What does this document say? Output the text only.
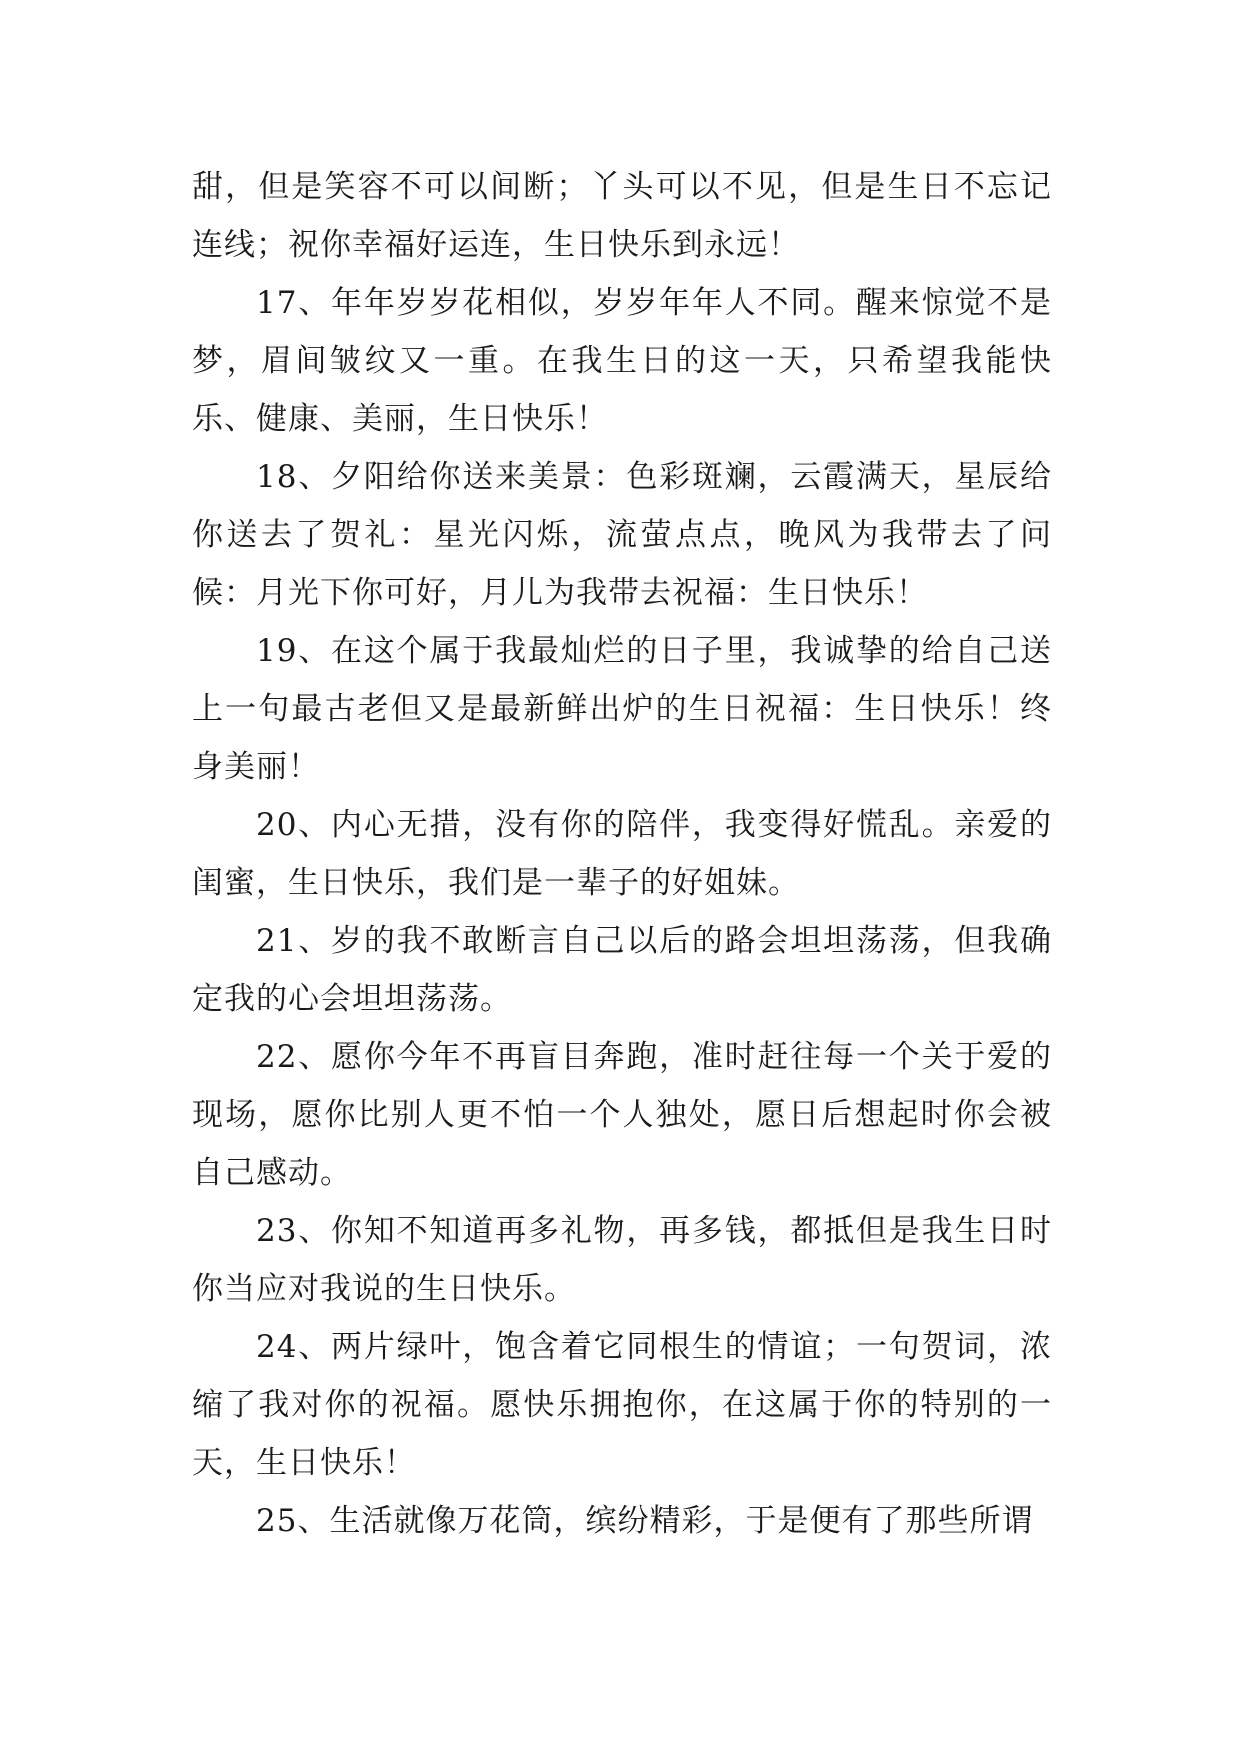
甜，但是笑容不可以间断；丫头可以不见，但是生日不忘记连线；祝你幸福好运连，生日快乐到永远！

17、年年岁岁花相似，岁岁年年人不同。醒来惊觉不是梦，眉间皱纹又一重。在我生日的这一天，只希望我能快乐、健康、美丽，生日快乐！

18、夕阳给你送来美景：色彩斑斓，云霞满天，星辰给你送去了贺礼：星光闪烁，流萤点点，晚风为我带去了问候：月光下你可好，月儿为我带去祝福：生日快乐！

19、在这个属于我最灿烂的日子里，我诚挚的给自己送上一句最古老但又是最新鲜出炉的生日祝福：生日快乐！终身美丽！

20、内心无措，没有你的陪伴，我变得好慌乱。亲爱的闺蜜，生日快乐，我们是一辈子的好姐妹。

21、岁的我不敢断言自己以后的路会坦坦荡荡，但我确定我的心会坦坦荡荡。

22、愿你今年不再盲目奔跑，准时赶往每一个关于爱的现场，愿你比别人更不怕一个人独处，愿日后想起时你会被自己感动。

23、你知不知道再多礼物，再多钱，都抵但是我生日时你当应对我说的生日快乐。

24、两片绿叶，饱含着它同根生的情谊；一句贺词，浓缩了我对你的祝福。愿快乐拥抱你，在这属于你的特别的一天，生日快乐！

25、生活就像万花筒，缤纷精彩，于是便有了那些所谓
